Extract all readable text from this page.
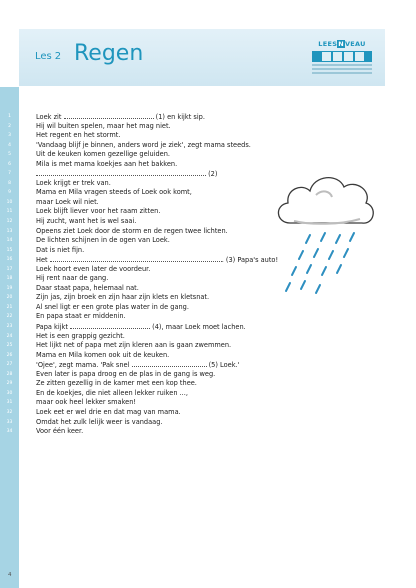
Les 2 Regen	LEESNVEAU
1
2
3
4
5
6
7
8
9
10
11
12
13
14
15
16
17
18
19
20
21
22
23
24
25
26
27
28
29
30
31
32
33
34
Loek zit	(1) en kijkt sip.
Hij wil buiten spelen, maar het mag niet.
Het regent en het stormt.
'Vandaag blijf je binnen, anders word je ziek', zegt mama steeds.
Uit de keuken komen gezellige geluiden.
Mila is met mama koekjes aan het bakken.
(2)
Loek krijgt er trek van.
Mama en Mila vragen steeds of Loek ook komt,
maar Loek wil niet.
Loek blijft liever voor het raam zitten.
Hij zucht, want het is wel saai.
Opeens ziet Loek door de storm en de regen twee lichten.
De lichten schijnen in de ogen van Loek.
Dat is niet fijn.
Het	. (3) Papa's auto!
Loek hoort even later de voordeur.
Hij rent naar de gang.
Daar staat papa, helemaal nat.
Zijn jas, zijn broek en zijn haar zijn klets en kletsnat.
Al snel ligt er een grote plas water in de gang.
En papa staat er middenin.
Papa kijkt	(4), maar Loek moet lachen.
Het is een grappig gezicht.
Het lijkt net of papa met zijn kleren aan is gaan zwemmen.
Mama en Mila komen ook uit de keuken.
'Ojee', zegt mama. 'Pak snel	(5) Loek.'
Even later is papa droog en de plas in de gang is weg.
Ze zitten gezellig in de kamer met een kop thee.
En de koekjes, die niet alleen lekker ruiken ...,
maar ook heel lekker smaken!
Loek eet er wel drie en dat mag van mama.
Omdat het zulk lelijk weer is vandaag.
Voor één keer.
4
